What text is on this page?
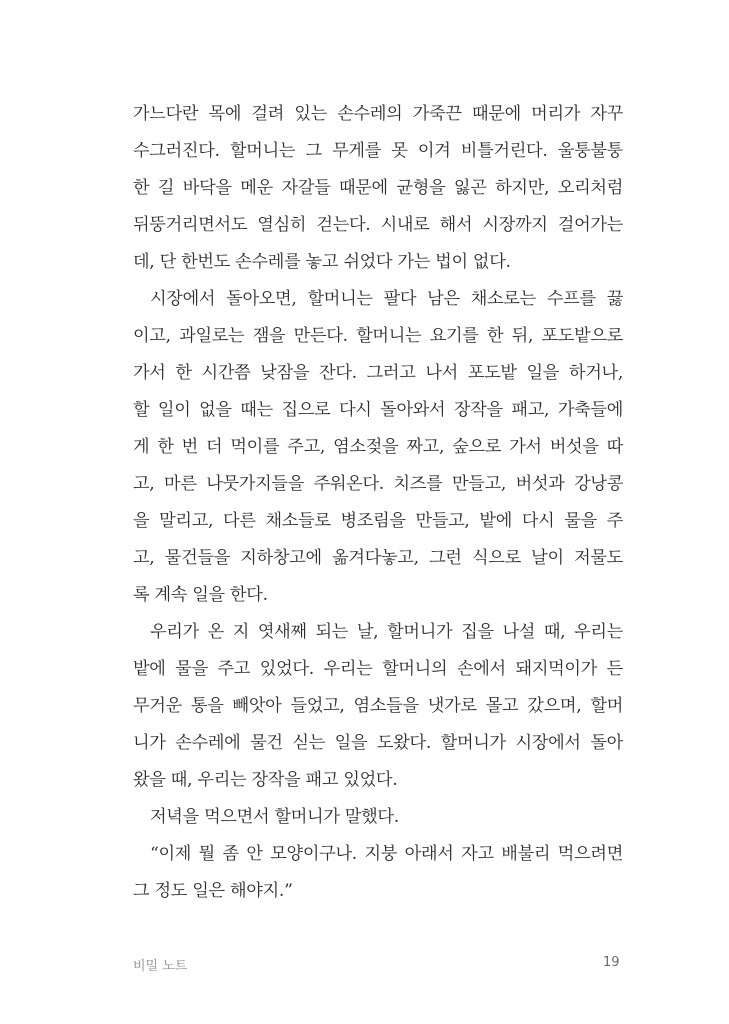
가느다란 목에 걸려 있는 손수레의 가죽끈 때문에 머리가 자꾸
수그러진다. 할머니는 그 무게를 못 이겨 비틀거린다. 울퉁불퉁
한 길 바닥을 메운 자갈들 때문에 균형을 잃곤 하지만, 오리처럼
뒤뚱거리면서도 열심히 걷는다. 시내로 해서 시장까지 걸어가는
데, 단 한번도 손수레를 놓고 쉬었다 가는 법이 없다.
시장에서 돌아오면, 할머니는 팔다 남은 채소로는 수프를 끓
이고, 과일로는 잼을 만든다. 할머니는 요기를 한 뒤, 포도밭으로
가서 한 시간쯤 낮잠을 잔다. 그러고 나서 포도밭 일을 하거나,
할 일이 없을 때는 집으로 다시 돌아와서 장작을 패고, 가축들에
게 한 번 더 먹이를 주고, 염소젖을 짜고, 숲으로 가서 버섯을 따
고, 마른 나뭇가지들을 주워온다. 치즈를 만들고, 버섯과 강낭콩
을 말리고, 다른 채소들로 병조림을 만들고, 밭에 다시 물을 주
고, 물건들을 지하창고에 옮겨다놓고, 그런 식으로 날이 저물도
록 계속 일을 한다.
우리가 온 지 엿새째 되는 날, 할머니가 집을 나설 때, 우리는
밭에 물을 주고 있었다. 우리는 할머니의 손에서 돼지먹이가 든
무거운 통을 빼앗아 들었고, 염소들을 냇가로 몰고 갔으며, 할머
니가 손수레에 물건 싣는 일을 도왔다. 할머니가 시장에서 돌아
왔을 때, 우리는 장작을 패고 있었다.
저녁을 먹으면서 할머니가 말했다.
“이제 뭘 좀 안 모양이구나. 지붕 아래서 자고 배불리 먹으려면
그 정도 일은 해야지.”
비밀 노트	19
